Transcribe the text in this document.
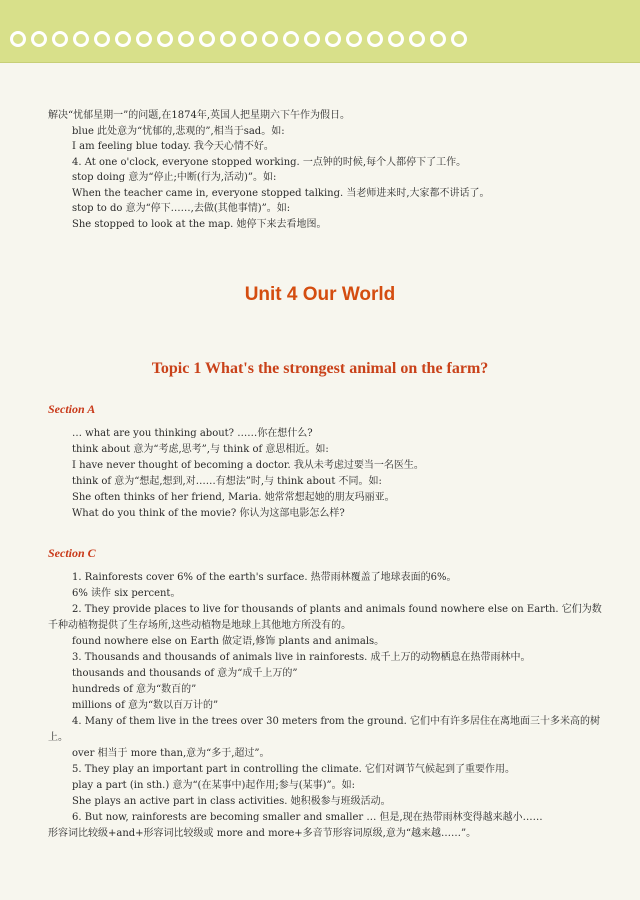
解决“忧郁星期一”的问题,在1874年,英国人把星期六下午作为假日。

blue 此处意为“忧郁的,悲观的”,相当于sad。如:

I am feeling blue today. 我今天心情不好。

4. At one o'clock, everyone stopped working. 一点钟的时候,每个人都停下了工作。

stop doing 意为“停止;中断(行为,活动)”。如:

When the teacher came in, everyone stopped talking. 当老师进来时,大家都不讲话了。

stop to do 意为“停下……,去做(其他事情)”。如:

She stopped to look at the map. 她停下来去看地图。

Unit 4 Our World
Topic 1 What's the strongest animal on the farm?
Section A

… what are you thinking about? ……你在想什么?

think about 意为“考虑,思考”,与 think of 意思相近。如:

I have never thought of becoming a doctor. 我从未考虑过要当一名医生。

think of 意为“想起,想到,对……有想法”时,与 think about 不同。如:

She often thinks of her friend, Maria. 她常常想起她的朋友玛丽亚。

What do you think of the movie? 你认为这部电影怎么样?

Section C

1. Rainforests cover 6% of the earth's surface. 热带雨林覆盖了地球表面的6%。

6% 读作 six percent。

2. They provide places to live for thousands of plants and animals found nowhere else on Earth. 它们为数千种动植物提供了生存场所,这些动植物是地球上其他地方所没有的。

found nowhere else on Earth 做定语,修饰 plants and animals。

3. Thousands and thousands of animals live in rainforests. 成千上万的动物栖息在热带雨林中。

thousands and thousands of 意为“成千上万的”

hundreds of 意为“数百的”

millions of 意为“数以百万计的”

4. Many of them live in the trees over 30 meters from the ground. 它们中有许多居住在离地面三十多米高的树上。

over 相当于 more than,意为“多于,超过”。

5. They play an important part in controlling the climate. 它们对调节气候起到了重要作用。

play a part (in sth.) 意为“(在某事中)起作用;参与(某事)”。如:

She plays an active part in class activities. 她积极参与班级活动。

6. But now, rainforests are becoming smaller and smaller … 但是,现在热带雨林变得越来越小……

形容词比较级+and+形容词比较级或 more and more+多音节形容词原级,意为“越来越……”。
